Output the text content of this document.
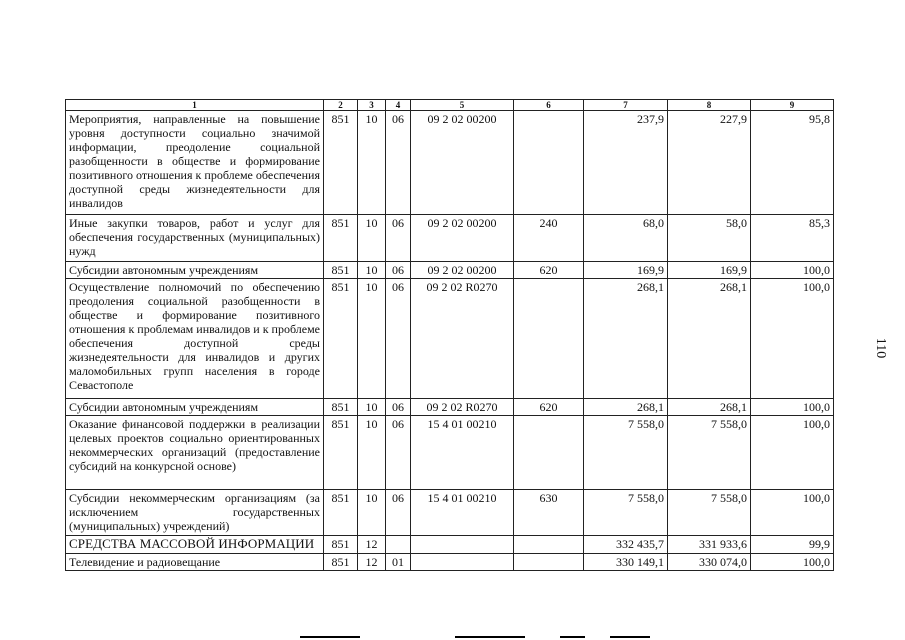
1	2	3	4	5	6	7	8	9
Мероприятия, направленные на повышение уровня доступности социально значимой информации, преодоление социальной разобщенности в обществе и формирование позитивного отношения к проблеме обеспечения доступной среды жизнедеятельности для инвалидов	851	10	06	09 2 02 00200		237,9	227,9	95,8
Иные закупки товаров, работ и услуг для обеспечения государственных (муниципальных) нужд	851	10	06	09 2 02 00200	240	68,0	58,0	85,3
Субсидии автономным учреждениям	851	10	06	09 2 02 00200	620	169,9	169,9	100,0
Осуществление полномочий по обеспечению преодоления социальной разобщенности в обществе и формирование позитивного отношения к проблемам инвалидов и к проблеме обеспечения доступной среды жизнедеятельности для инвалидов и других маломобильных групп населения в городе Севастополе	851	10	06	09 2 02 R0270		268,1	268,1	100,0
Субсидии автономным учреждениям	851	10	06	09 2 02 R0270	620	268,1	268,1	100,0
Оказание финансовой поддержки в реализации целевых проектов социально ориентированных некоммерческих организаций (предоставление субсидий на конкурсной основе)	851	10	06	15 4 01 00210		7 558,0	7 558,0	100,0
Субсидии некоммерческим организациям (за исключением государственных (муниципальных) учреждений)	851	10	06	15 4 01 00210	630	7 558,0	7 558,0	100,0
СРЕДСТВА МАССОВОЙ ИНФОРМАЦИИ	851	12				332 435,7	331 933,6	99,9
Телевидение и радиовещание	851	12	01			330 149,1	330 074,0	100,0
110
